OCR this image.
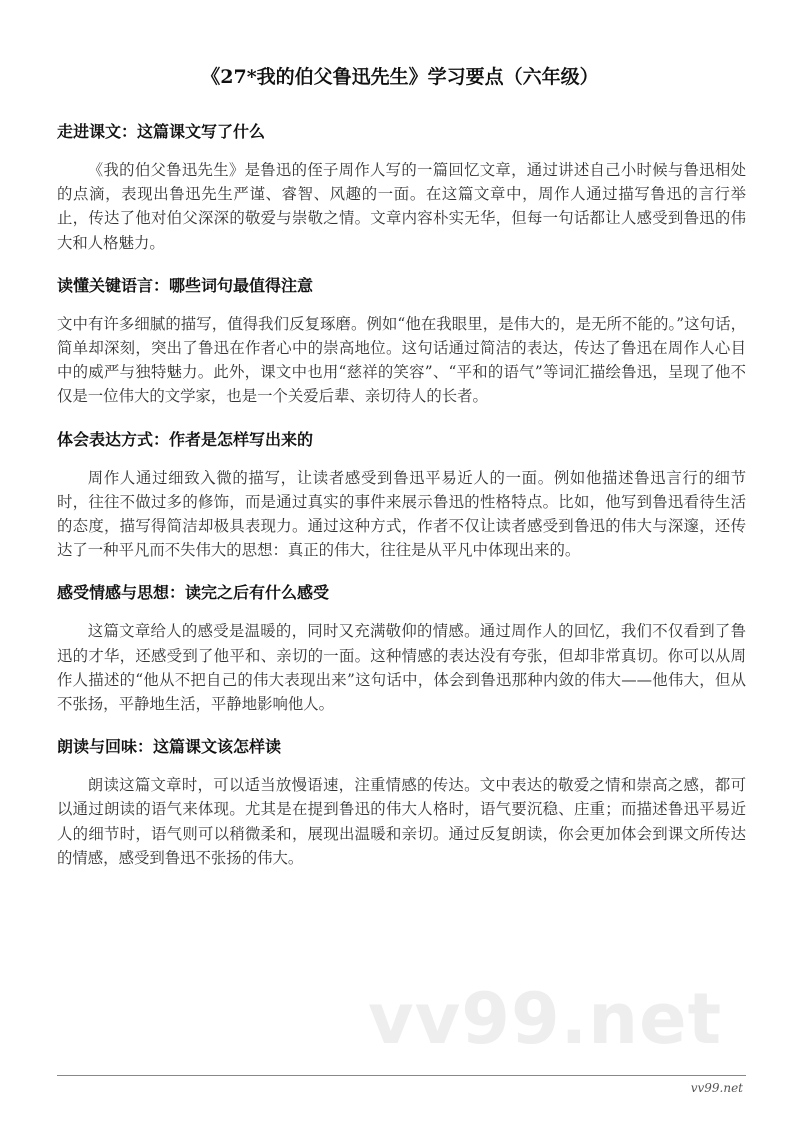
《27*我的伯父鲁迅先生》学习要点（六年级）
走进课文：这篇课文写了什么

《我的伯父鲁迅先生》是鲁迅的侄子周作人写的一篇回忆文章，通过讲述自己小时候与鲁迅相处的点滴，表现出鲁迅先生严谨、睿智、风趣的一面。在这篇文章中，周作人通过描写鲁迅的言行举止，传达了他对伯父深深的敬爱与崇敬之情。文章内容朴实无华，但每一句话都让人感受到鲁迅的伟大和人格魅力。

读懂关键语言：哪些词句最值得注意

文中有许多细腻的描写，值得我们反复琢磨。例如“他在我眼里，是伟大的，是无所不能的。”这句话，简单却深刻，突出了鲁迅在作者心中的崇高地位。这句话通过简洁的表达，传达了鲁迅在周作人心目中的威严与独特魅力。此外，课文中也用“慈祥的笑容”、“平和的语气”等词汇描绘鲁迅，呈现了他不仅是一位伟大的文学家，也是一个关爱后辈、亲切待人的长者。

体会表达方式：作者是怎样写出来的

周作人通过细致入微的描写，让读者感受到鲁迅平易近人的一面。例如他描述鲁迅言行的细节时，往往不做过多的修饰，而是通过真实的事件来展示鲁迅的性格特点。比如，他写到鲁迅看待生活的态度，描写得简洁却极具表现力。通过这种方式，作者不仅让读者感受到鲁迅的伟大与深邃，还传达了一种平凡而不失伟大的思想：真正的伟大，往往是从平凡中体现出来的。

感受情感与思想：读完之后有什么感受

这篇文章给人的感受是温暖的，同时又充满敬仰的情感。通过周作人的回忆，我们不仅看到了鲁迅的才华，还感受到了他平和、亲切的一面。这种情感的表达没有夸张，但却非常真切。你可以从周作人描述的“他从不把自己的伟大表现出来”这句话中，体会到鲁迅那种内敛的伟大——他伟大，但从不张扬，平静地生活，平静地影响他人。

朗读与回味：这篇课文该怎样读

朗读这篇文章时，可以适当放慢语速，注重情感的传达。文中表达的敬爱之情和崇高之感，都可以通过朗读的语气来体现。尤其是在提到鲁迅的伟大人格时，语气要沉稳、庄重；而描述鲁迅平易近人的细节时，语气则可以稍微柔和，展现出温暖和亲切。通过反复朗读，你会更加体会到课文所传达的情感，感受到鲁迅不张扬的伟大。

vv99.net
vv99.net
